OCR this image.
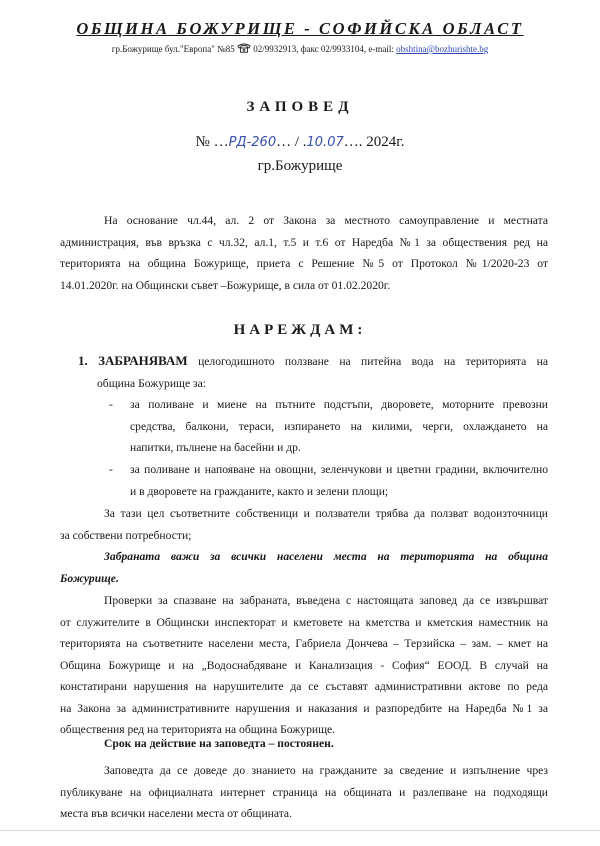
ОБЩИНА БОЖУРИЩЕ - СОФИЙСКА ОБЛАСТ
гр.Божурище бул."Европа" №85 02/9932913, факс 02/9933104, e-mail: obshtina@bozhurishte.bg
ЗАПОВЕД
№ …РД-260… / .10.07…. 2024г.
гр.Божурище
На основание чл.44, ал. 2 от Закона за местното самоуправление и местната
администрация, във връзка с чл.32, ал.1, т.5 и т.6 от Наредба №1 за обществения ред на
територията на община Божурище, приета с Решение №5 от Протокол №1/2020-23 от
14.01.2020г. на Общински съвет –Божурище, в сила от 01.02.2020г.
НАРЕЖДАМ:
1. ЗАБРАНЯВАМ целогодишното ползване на питейна вода на територията на
община Божурище за:
- за поливане и миене на пътните подстъпи, дворовете, моторните превозни
средства, балкони, тераси, изпирането на килими, черги, охлаждането на
напитки, пълнене на басейни и др.
- за поливане и напояване на овощни, зеленчукови и цветни градини, включително
и в дворовете на гражданите, както и зелени площи;
За тази цел съответните собственици и ползватели трябва да ползват водоизточници
за собствени потребности;
Забраната важи за всички населени места на територията на община
Божурище.
Проверки за спазване на забраната, въведена с настоящата заповед да се извършват
от служителите в Общински инспекторат и кметовете на кметства и кметския наместник на
територията на съответните населени места, Габриела Дончева – Терзийска – зам. – кмет на
Община Божурище и на „Водоснабдяване и Канализация - София“ ЕООД. В случай на
констатирани нарушения на нарушителите да се съставят административни актове по реда
на Закона за административните нарушения и наказания и разпоредбите на Наредба №1 за
обществения ред на територията на община Божурище.
Срок на действие на заповедта – постоянен.
Заповедта да се доведе до знанието на гражданите за сведение и изпълнение чрез
публикуване на официалната интернет страница на общината и разлепване на подходящи
места във всички населени места от общината.
